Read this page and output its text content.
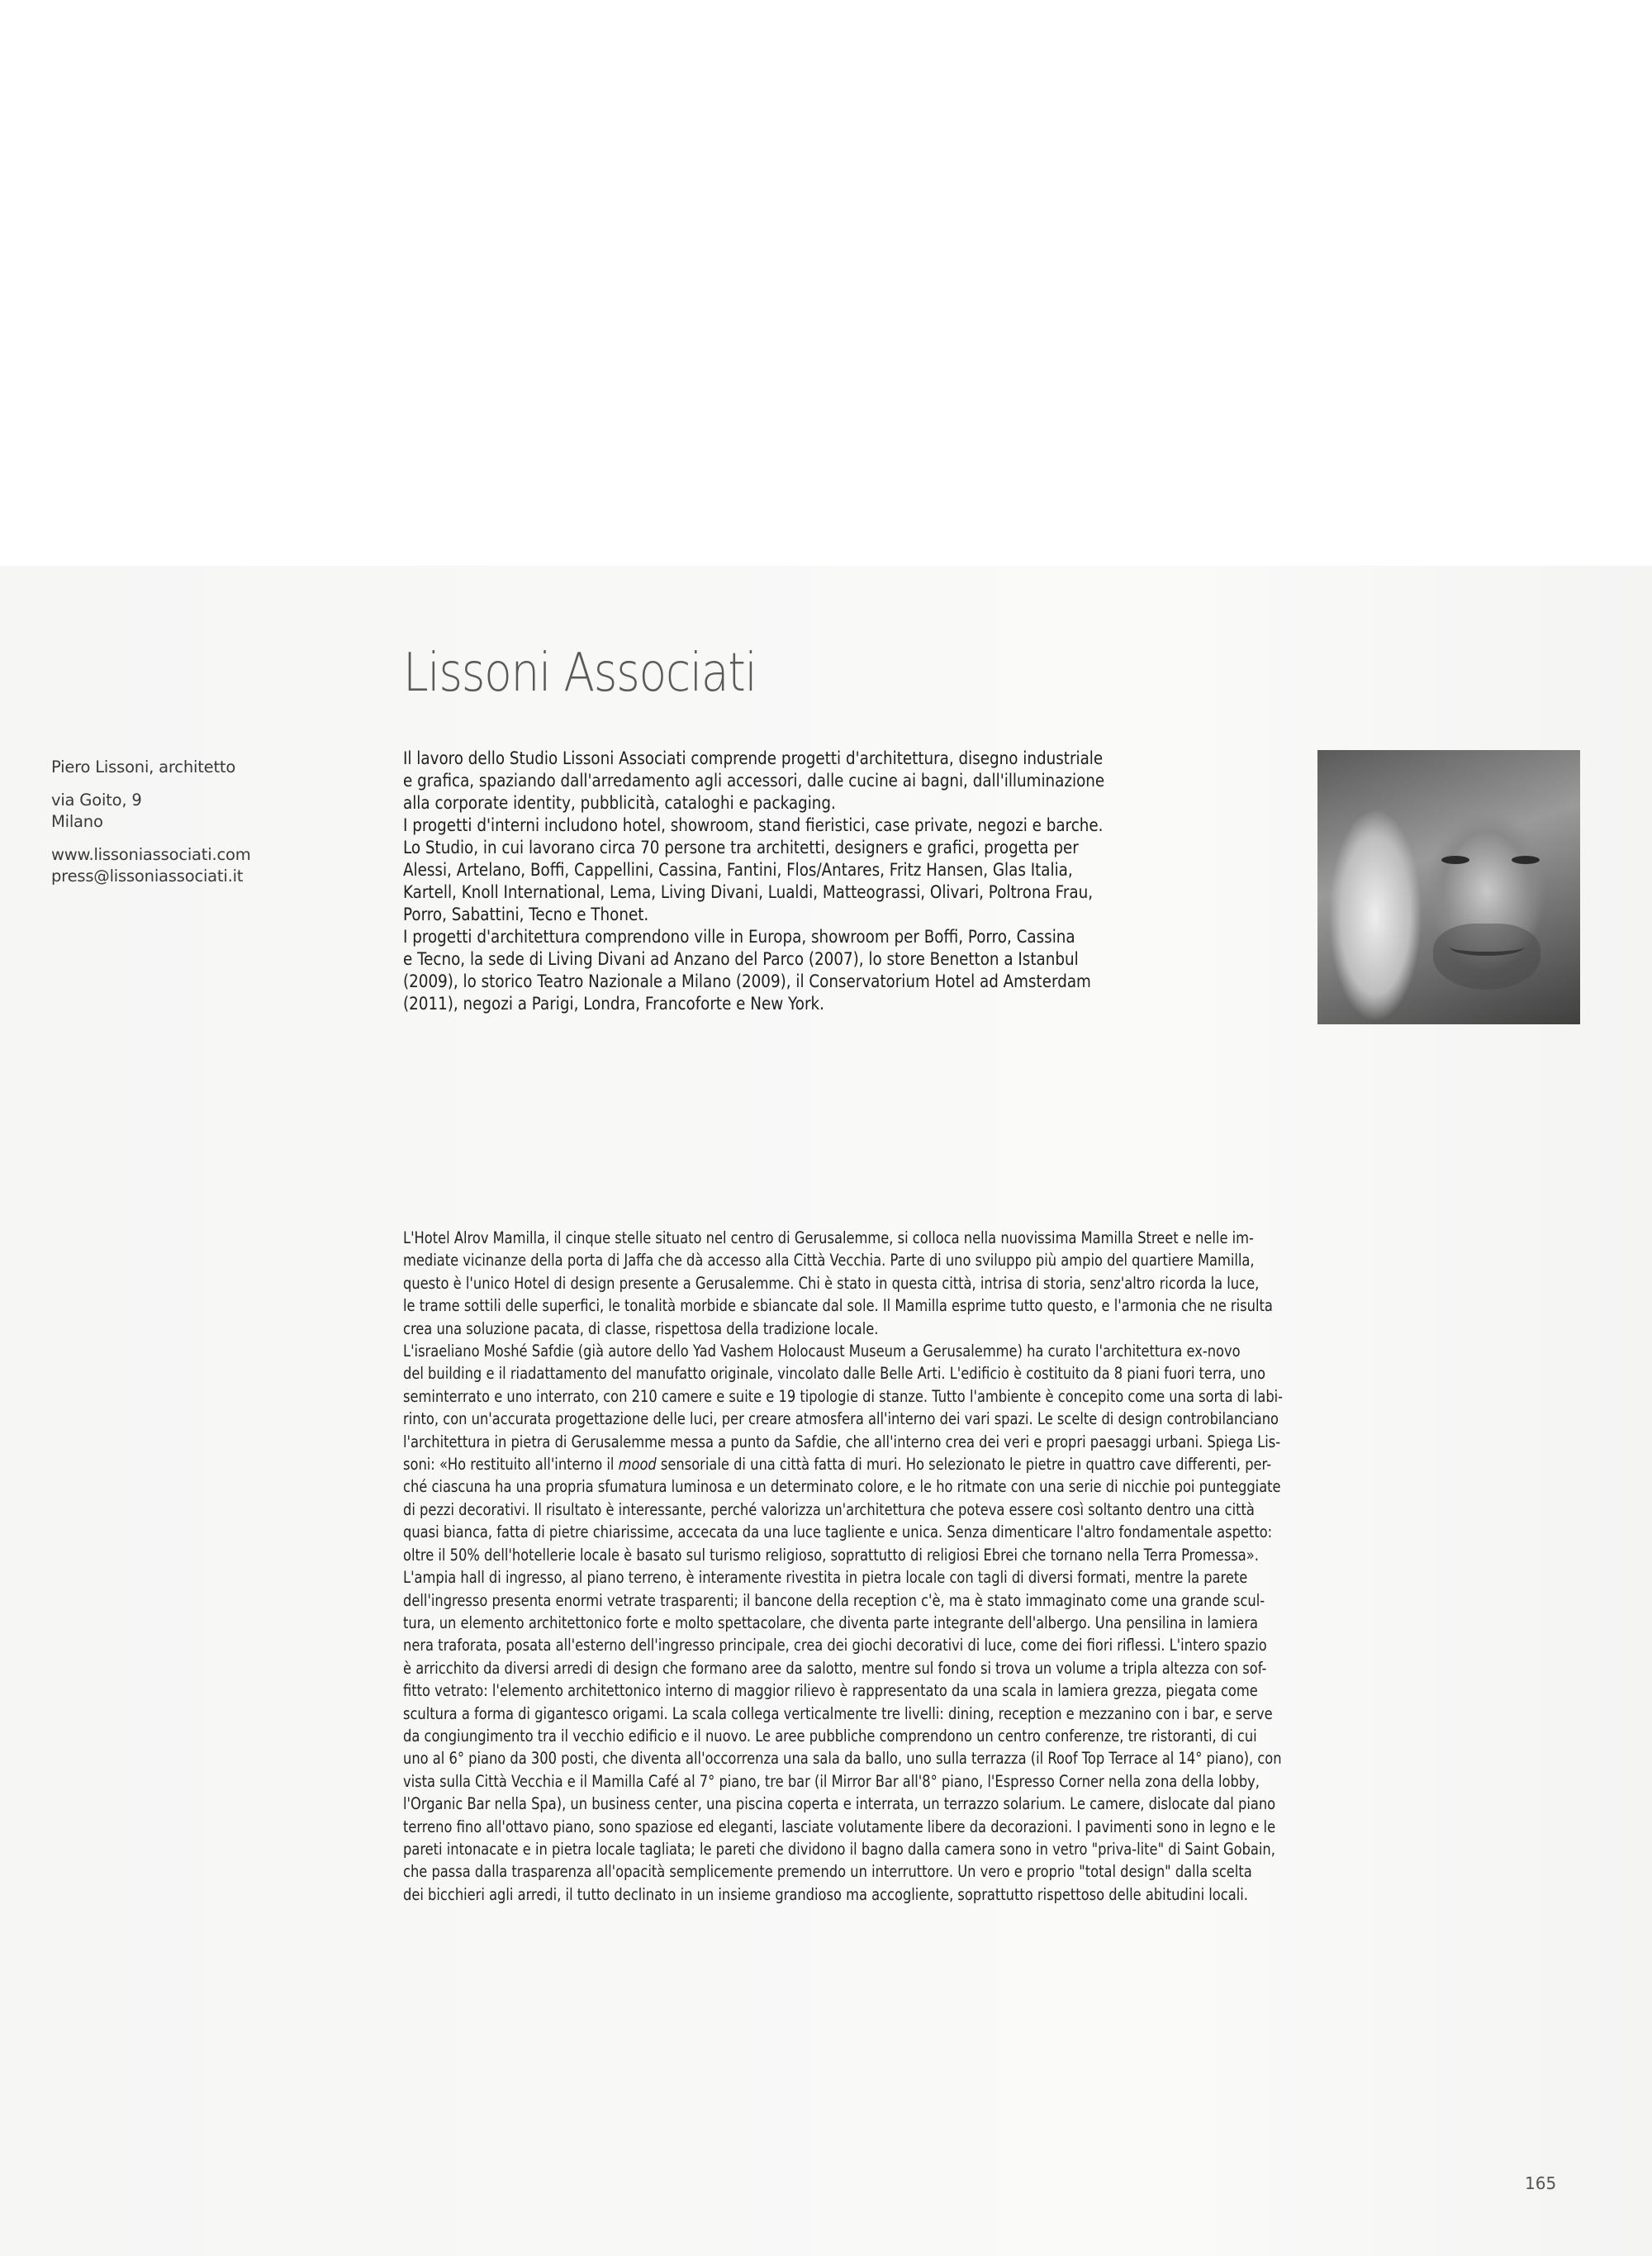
Piero Lissoni, architetto
via Goito, 9
Milano
www.lissoniassociati.com
press@lissoniassociati.it
Lissoni Associati
Il lavoro dello Studio Lissoni Associati comprende progetti d'architettura, disegno industriale
e grafica, spaziando dall'arredamento agli accessori, dalle cucine ai bagni, dall'illuminazione
alla corporate identity, pubblicità, cataloghi e packaging.
I progetti d'interni includono hotel, showroom, stand fieristici, case private, negozi e barche.
Lo Studio, in cui lavorano circa 70 persone tra architetti, designers e grafici, progetta per
Alessi, Artelano, Boffi, Cappellini, Cassina, Fantini, Flos/Antares, Fritz Hansen, Glas Italia,
Kartell, Knoll International, Lema, Living Divani, Lualdi, Matteograssi, Olivari, Poltrona Frau,
Porro, Sabattini, Tecno e Thonet.
I progetti d'architettura comprendono ville in Europa, showroom per Boffi, Porro, Cassina
e Tecno, la sede di Living Divani ad Anzano del Parco (2007), lo store Benetton a Istanbul
(2009), lo storico Teatro Nazionale a Milano (2009), il Conservatorium Hotel ad Amsterdam
(2011), negozi a Parigi, Londra, Francoforte e New York.
L'Hotel Alrov Mamilla, il cinque stelle situato nel centro di Gerusalemme, si colloca nella nuovissima Mamilla Street e nelle im-
mediate vicinanze della porta di Jaffa che dà accesso alla Città Vecchia. Parte di uno sviluppo più ampio del quartiere Mamilla,
questo è l'unico Hotel di design presente a Gerusalemme. Chi è stato in questa città, intrisa di storia, senz'altro ricorda la luce,
le trame sottili delle superfici, le tonalità morbide e sbiancate dal sole. Il Mamilla esprime tutto questo, e l'armonia che ne risulta
crea una soluzione pacata, di classe, rispettosa della tradizione locale.
L'israeliano Moshé Safdie (già autore dello Yad Vashem Holocaust Museum a Gerusalemme) ha curato l'architettura ex-novo
del building e il riadattamento del manufatto originale, vincolato dalle Belle Arti. L'edificio è costituito da 8 piani fuori terra, uno
seminterrato e uno interrato, con 210 camere e suite e 19 tipologie di stanze. Tutto l'ambiente è concepito come una sorta di labi-
rinto, con un'accurata progettazione delle luci, per creare atmosfera all'interno dei vari spazi. Le scelte di design controbilanciano
l'architettura in pietra di Gerusalemme messa a punto da Safdie, che all'interno crea dei veri e propri paesaggi urbani. Spiega Lis-
soni: «Ho restituito all'interno il mood sensoriale di una città fatta di muri. Ho selezionato le pietre in quattro cave differenti, per-
ché ciascuna ha una propria sfumatura luminosa e un determinato colore, e le ho ritmate con una serie di nicchie poi punteggiate
di pezzi decorativi. Il risultato è interessante, perché valorizza un'architettura che poteva essere così soltanto dentro una città
quasi bianca, fatta di pietre chiarissime, accecata da una luce tagliente e unica. Senza dimenticare l'altro fondamentale aspetto:
oltre il 50% dell'hotellerie locale è basato sul turismo religioso, soprattutto di religiosi Ebrei che tornano nella Terra Promessa».
L'ampia hall di ingresso, al piano terreno, è interamente rivestita in pietra locale con tagli di diversi formati, mentre la parete
dell'ingresso presenta enormi vetrate trasparenti; il bancone della reception c'è, ma è stato immaginato come una grande scul-
tura, un elemento architettonico forte e molto spettacolare, che diventa parte integrante dell'albergo. Una pensilina in lamiera
nera traforata, posata all'esterno dell'ingresso principale, crea dei giochi decorativi di luce, come dei fiori riflessi. L'intero spazio
è arricchito da diversi arredi di design che formano aree da salotto, mentre sul fondo si trova un volume a tripla altezza con sof-
fitto vetrato: l'elemento architettonico interno di maggior rilievo è rappresentato da una scala in lamiera grezza, piegata come
scultura a forma di gigantesco origami. La scala collega verticalmente tre livelli: dining, reception e mezzanino con i bar, e serve
da congiungimento tra il vecchio edificio e il nuovo. Le aree pubbliche comprendono un centro conferenze, tre ristoranti, di cui
uno al 6° piano da 300 posti, che diventa all'occorrenza una sala da ballo, uno sulla terrazza (il Roof Top Terrace al 14° piano), con
vista sulla Città Vecchia e il Mamilla Café al 7° piano, tre bar (il Mirror Bar all'8° piano, l'Espresso Corner nella zona della lobby,
l'Organic Bar nella Spa), un business center, una piscina coperta e interrata, un terrazzo solarium. Le camere, dislocate dal piano
terreno fino all'ottavo piano, sono spaziose ed eleganti, lasciate volutamente libere da decorazioni. I pavimenti sono in legno e le
pareti intonacate e in pietra locale tagliata; le pareti che dividono il bagno dalla camera sono in vetro "priva-lite" di Saint Gobain,
che passa dalla trasparenza all'opacità semplicemente premendo un interruttore. Un vero e proprio "total design" dalla scelta
dei bicchieri agli arredi, il tutto declinato in un insieme grandioso ma accogliente, soprattutto rispettoso delle abitudini locali.
165
